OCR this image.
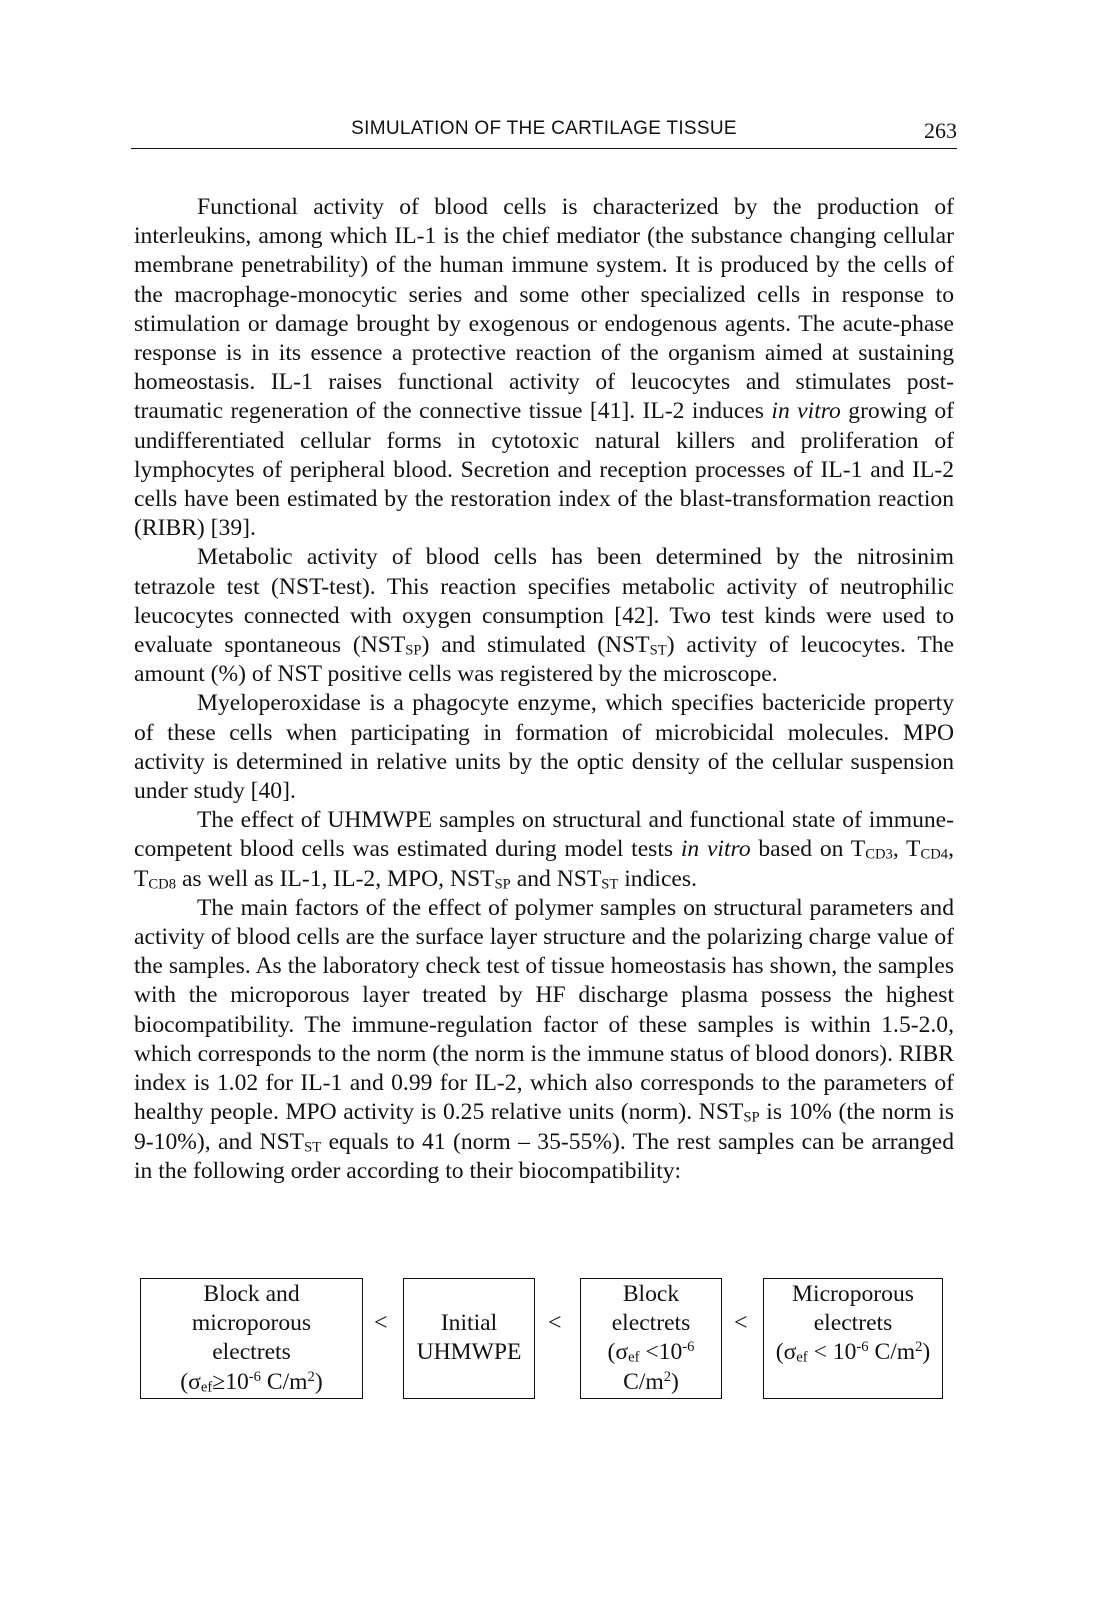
SIMULATION OF THE CARTILAGE TISSUE	263

Functional activity of blood cells is characterized by the production of interleukins, among which IL-1 is the chief mediator (the substance changing cellular membrane penetrability) of the human immune system. It is produced by the cells of the macrophage-monocytic series and some other specialized cells in response to stimulation or damage brought by exogenous or endogenous agents. The acute-phase response is in its essence a protective reaction of the organism aimed at sustaining homeostasis. IL-1 raises functional activity of leucocytes and stimulates post-traumatic regeneration of the connective tissue [41]. IL-2 induces in vitro growing of undifferentiated cellular forms in cytotoxic natural killers and proliferation of lymphocytes of peripheral blood. Secretion and reception processes of IL-1 and IL-2 cells have been estimated by the restoration index of the blast-transformation reaction (RIBR) [39].

Metabolic activity of blood cells has been determined by the nitrosinim tetrazole test (NST-test). This reaction specifies metabolic activity of neutrophilic leucocytes connected with oxygen consumption [42]. Two test kinds were used to evaluate spontaneous $(NST_{SP})$ and stimulated $(NST_{ST})$ activity of leucocytes. The amount (%) of NST positive cells was registered by the microscope.

Myeloperoxidase is a phagocyte enzyme, which specifies bactericide property of these cells when participating in formation of microbicidal molecules. MPO activity is determined in relative units by the optic density of the cellular suspension under study [40].

The effect of UHMWPE samples on structural and functional state of immune-competent blood cells was estimated during model tests in vitro based on $T_{CD3}$, $T_{CD4}$, $T_{CD8}$ as well as IL-1, IL-2, MPO, $NST_{SP}$ and $NST_{ST}$ indices.

The main factors of the effect of polymer samples on structural parameters and activity of blood cells are the surface layer structure and the polarizing charge value of the samples. As the laboratory check test of tissue homeostasis has shown, the samples with the microporous layer treated by HF discharge plasma possess the highest biocompatibility. The immune-regulation factor of these samples is within 1.5-2.0, which corresponds to the norm (the norm is the immune status of blood donors). RIBR index is 1.02 for IL-1 and 0.99 for IL-2, which also corresponds to the parameters of healthy people. MPO activity is 0.25 relative units (norm). $NST_{SP}$ is 10% (the norm is 9-10%), and $NST_{ST}$ equals to 41 (norm – 35-55%). The rest samples can be arranged in the following order according to their biocompatibility:

Block and
microporous
electrets
($\sigma_{ef}\ge 10^{-6}$ $C/m^2$)
<	Initial
UHMWPE
<
Block
electrets
($\sigma_{ef} <10^{-6}$
$C/m^2$)
<
Microporous
electrets
($\sigma_{ef} < 10^{-6}$ $C/m^2$)
